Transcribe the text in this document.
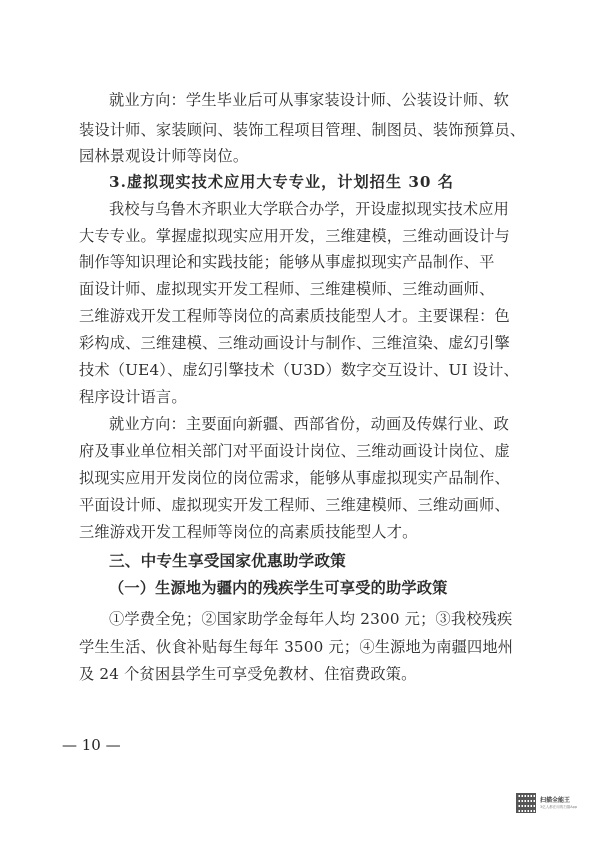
就业方向：学生毕业后可从事家装设计师、公装设计师、软
装设计师、家装顾问、装饰工程项目管理、制图员、装饰预算员、
园林景观设计师等岗位。
3.虚拟现实技术应用大专专业，计划招生 30 名
我校与乌鲁木齐职业大学联合办学，开设虚拟现实技术应用
大专专业。掌握虚拟现实应用开发，三维建模，三维动画设计与
制作等知识理论和实践技能；能够从事虚拟现实产品制作、平
面设计师、虚拟现实开发工程师、三维建模师、三维动画师、
三维游戏开发工程师等岗位的高素质技能型人才。主要课程：色
彩构成、三维建模、三维动画设计与制作、三维渲染、虚幻引擎
技术（UE4）、虚幻引擎技术（U3D）数字交互设计、UI 设计、
程序设计语言。
就业方向：主要面向新疆、西部省份，动画及传媒行业、政
府及事业单位相关部门对平面设计岗位、三维动画设计岗位、虚
拟现实应用开发岗位的岗位需求，能够从事虚拟现实产品制作、
平面设计师、虚拟现实开发工程师、三维建模师、三维动画师、
三维游戏开发工程师等岗位的高素质技能型人才。
三、中专生享受国家优惠助学政策
（一）生源地为疆内的残疾学生可享受的助学政策
①学费全免；②国家助学金每年人均 2300 元；③我校残疾
学生生活、伙食补贴每生每年 3500 元；④生源地为南疆四地州
及 24 个贫困县学生可享受免教材、住宿费政策。
— 10 —
扫描全能王
3亿人都在用的扫描App
